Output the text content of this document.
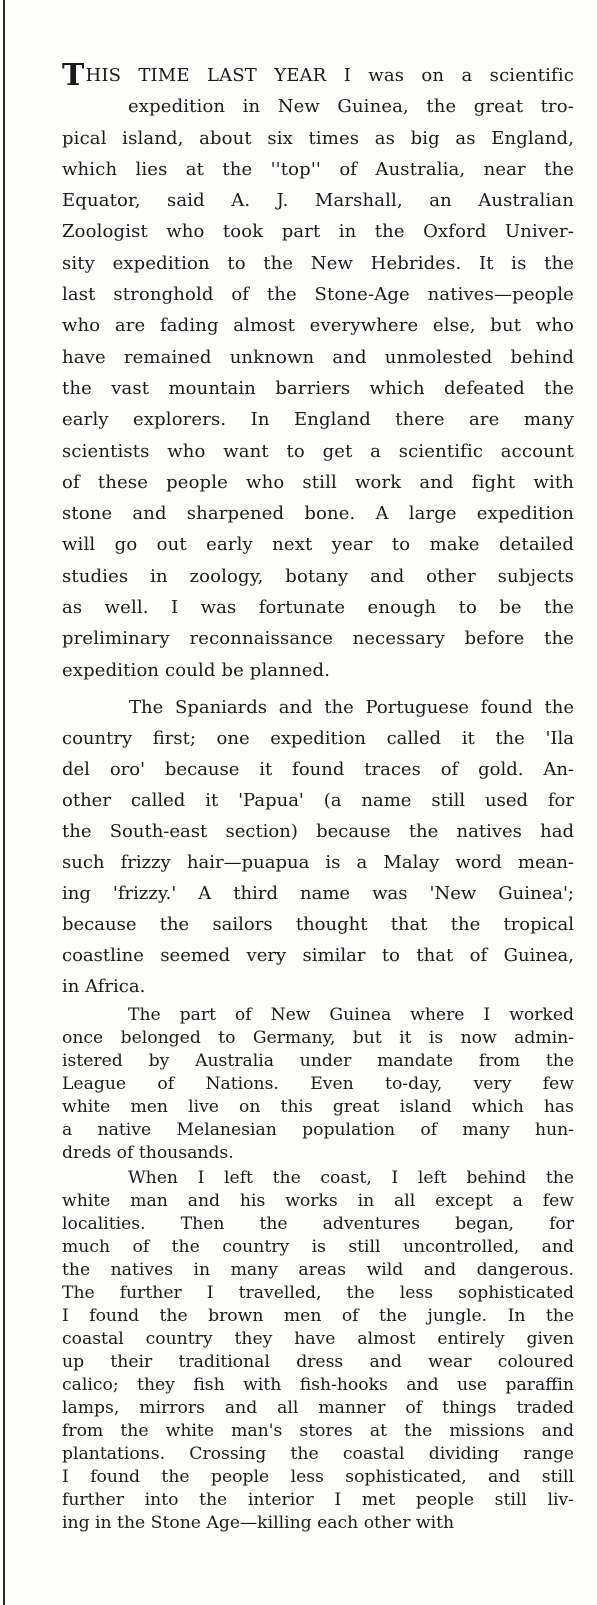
THIS TIME LAST YEAR I was on a scientific
expedition in New Guinea, the great tro-
pical island, about six times as big as England,
which lies at the ''top'' of Australia, near the
Equator, said A. J. Marshall, an Australian
Zoologist who took part in the Oxford Univer-
sity expedition to the New Hebrides. It is the
last stronghold of the Stone-Age natives—people
who are fading almost everywhere else, but who
have remained unknown and unmolested behind
the vast mountain barriers which defeated the
early explorers. In England there are many
scientists who want to get a scientific account
of these people who still work and fight with
stone and sharpened bone. A large expedition
will go out early next year to make detailed
studies in zoology, botany and other subjects
as well. I was fortunate enough to be the
preliminary reconnaissance necessary before the
expedition could be planned.
The Spaniards and the Portuguese found the
country first; one expedition called it the 'Ila
del oro' because it found traces of gold. An-
other called it 'Papua' (a name still used for
the South-east section) because the natives had
such frizzy hair—puapua is a Malay word mean-
ing 'frizzy.' A third name was 'New Guinea';
because the sailors thought that the tropical
coastline seemed very similar to that of Guinea,
in Africa.
The part of New Guinea where I worked
once belonged to Germany, but it is now admin-
istered by Australia under mandate from the
League of Nations. Even to-day, very few
white men live on this great island which has
a native Melanesian population of many hun-
dreds of thousands.
When I left the coast, I left behind the
white man and his works in all except a few
localities. Then the adventures began, for
much of the country is still uncontrolled, and
the natives in many areas wild and dangerous.
The further I travelled, the less sophisticated
I found the brown men of the jungle. In the
coastal country they have almost entirely given
up their traditional dress and wear coloured
calico; they fish with fish-hooks and use paraffin
lamps, mirrors and all manner of things traded
from the white man's stores at the missions and
plantations. Crossing the coastal dividing range
I found the people less sophisticated, and still
further into the interior I met people still liv-
ing in the Stone Age—killing each other with
